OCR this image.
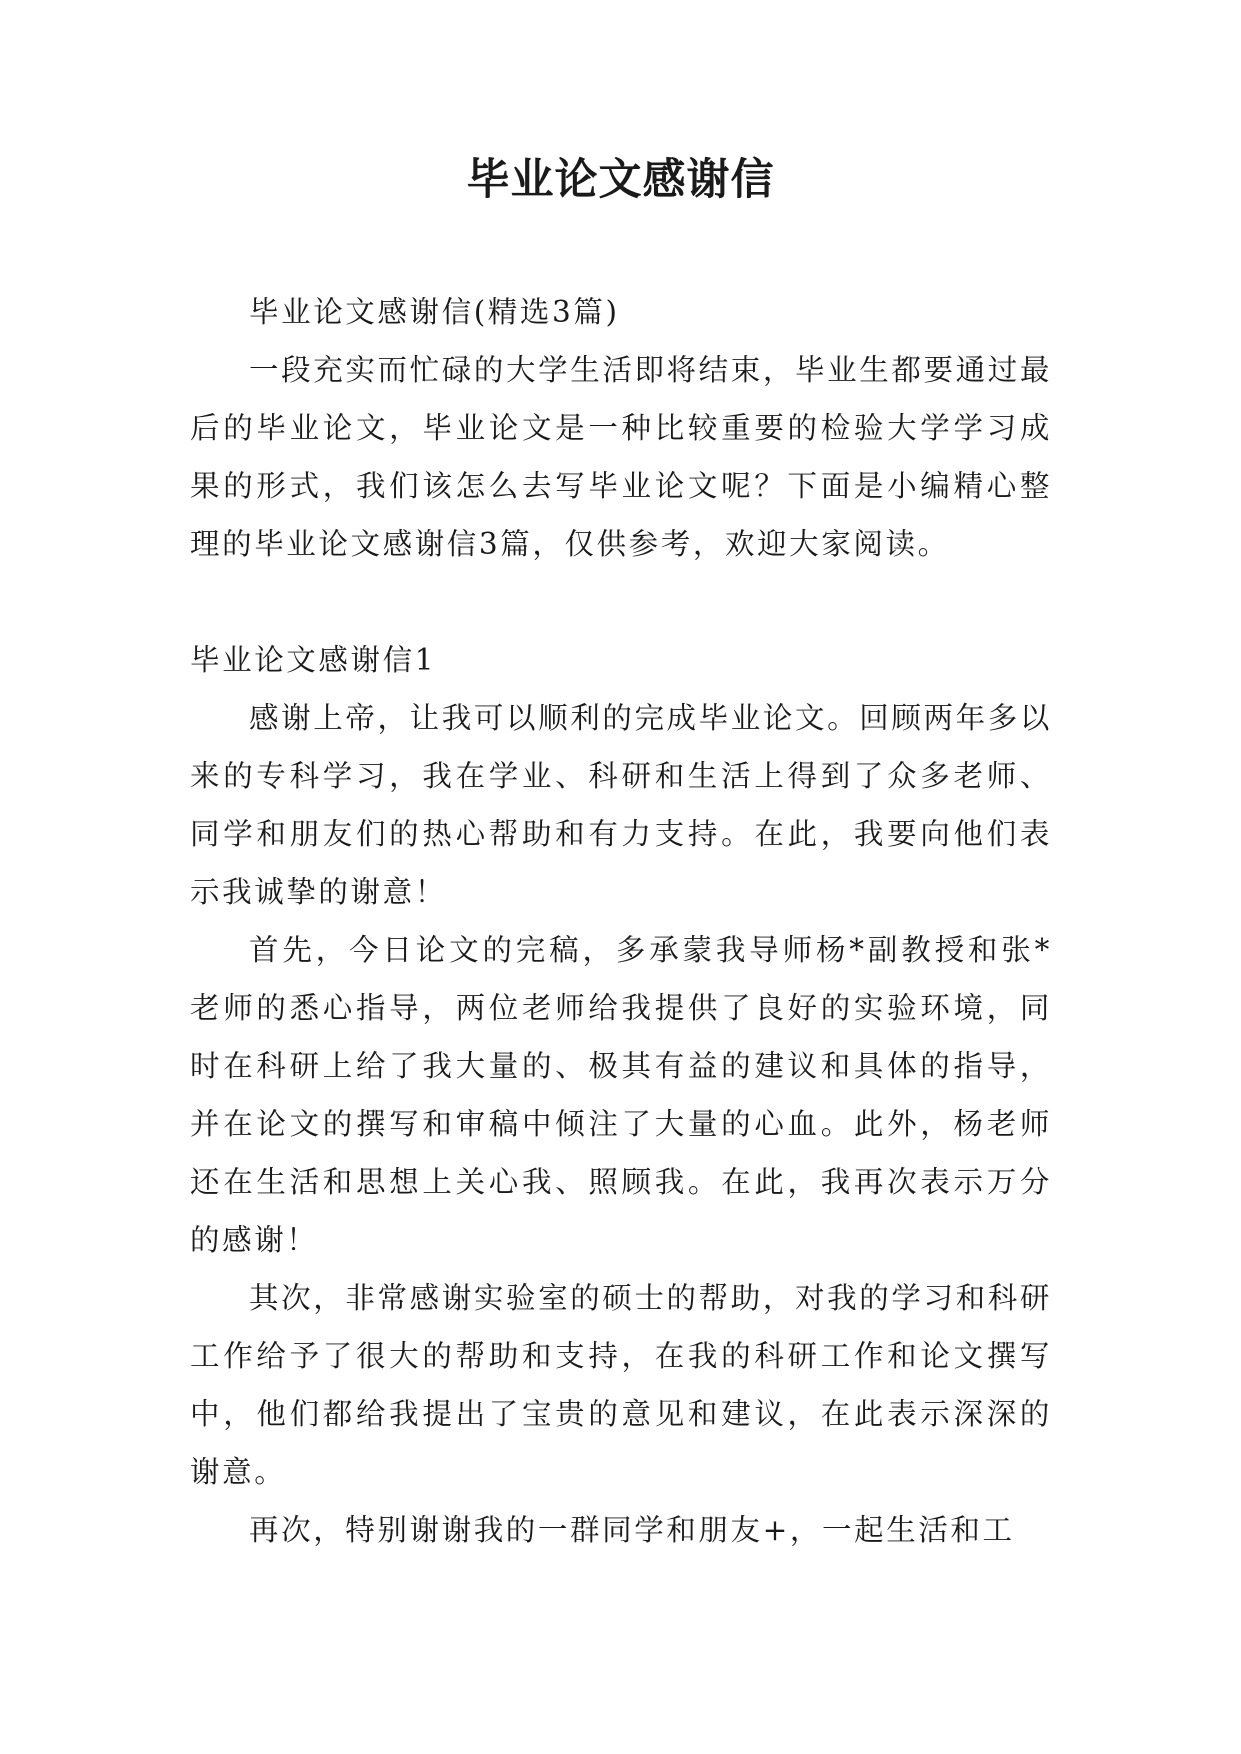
毕业论文感谢信

毕业论文感谢信(精选3篇)

一段充实而忙碌的大学生活即将结束，毕业生都要通过最后的毕业论文，毕业论文是一种比较重要的检验大学学习成果的形式，我们该怎么去写毕业论文呢？下面是小编精心整理的毕业论文感谢信3篇，仅供参考，欢迎大家阅读。

毕业论文感谢信1

感谢上帝，让我可以顺利的完成毕业论文。回顾两年多以来的专科学习，我在学业、科研和生活上得到了众多老师、同学和朋友们的热心帮助和有力支持。在此，我要向他们表示我诚挚的谢意！

首先，今日论文的完稿，多承蒙我导师杨*副教授和张*老师的悉心指导，两位老师给我提供了良好的实验环境，同时在科研上给了我大量的、极其有益的建议和具体的指导，并在论文的撰写和审稿中倾注了大量的心血。此外，杨老师还在生活和思想上关心我、照顾我。在此，我再次表示万分的感谢！

其次，非常感谢实验室的硕士的帮助，对我的学习和科研工作给予了很大的帮助和支持，在我的科研工作和论文撰写中，他们都给我提出了宝贵的意见和建议，在此表示深深的谢意。

再次，特别谢谢我的一群同学和朋友+，一起生活和工
